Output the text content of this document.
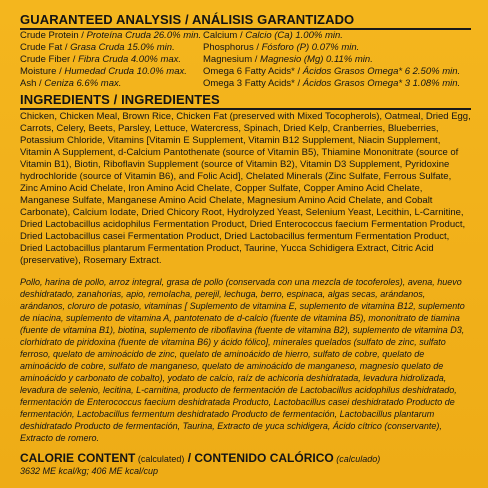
GUARANTEED ANALYSIS / ANÁLISIS GARANTIZADO
Crude Protein / Proteína Cruda 26.0% min.
Crude Fat / Grasa Cruda 15.0% min.
Crude Fiber / Fibra Cruda 4.00% max.
Moisture / Humedad Cruda 10.0% max.
Ash / Ceniza 6.6% max.
Calcium / Calcio (Ca) 1.00% min.
Phosphorus / Fósforo (P) 0.07% min.
Magnesium / Magnesio (Mg) 0.11% min.
Omega 6 Fatty Acids* / Ácidos Grasos Omega* 6 2.50% min.
Omega 3 Fatty Acids* / Ácidos Grasos Omega* 3 1.08% min.
INGREDIENTS / INGREDIENTES
Chicken, Chicken Meal, Brown Rice, Chicken Fat (preserved with Mixed Tocopherols), Oatmeal, Dried Egg, Carrots, Celery, Beets, Parsley, Lettuce, Watercress, Spinach, Dried Kelp, Cranberries, Blueberries, Potassium Chloride, Vitamins [Vitamin E Supplement, Vitamin B12 Supplement, Niacin Supplement, Vitamin A Supplement, d-Calcium Pantothenate (source of Vitamin B5), Thiamine Mononitrate (source of Vitamin B1), Biotin, Riboflavin Supplement (source of Vitamin B2), Vitamin D3 Supplement, Pyridoxine hydrochloride (source of Vitamin B6), and Folic Acid], Chelated Minerals (Zinc Sulfate, Ferrous Sulfate, Zinc Amino Acid Chelate, Iron Amino Acid Chelate, Copper Sulfate, Copper Amino Acid Chelate, Manganese Sulfate, Manganese Amino Acid Chelate, Magnesium Amino Acid Chelate, and Cobalt Carbonate), Calcium Iodate, Dried Chicory Root, Hydrolyzed Yeast, Selenium Yeast, Lecithin, L-Carnitine, Dried Lactobacillus acidophilus Fermentation Product, Dried Enterococcus faecium Fermentation Product, Dried Lactobacillus casei Fermentation Product, Dried Lactobacillus fermentum Fermentation Product, Dried Lactobacillus plantarum Fermentation Product, Taurine, Yucca Schidigera Extract, Citric Acid (preservative), Rosemary Extract.
Pollo, harina de pollo, arroz integral, grasa de pollo (conservada con una mezcla de tocoferoles), avena, huevo deshidratado, zanahorias, apio, remolacha, perejil, lechuga, berro, espinaca, algas secas, arándanos, arándanos, cloruro de potasio, vitaminas [ Suplemento de vitamina E, suplemento de vitamina B12, suplemento de niacina, suplemento de vitamina A, pantotenato de d-calcio (fuente de vitamina B5), mononitrato de tiamina (fuente de vitamina B1), biotina, suplemento de riboflavina (fuente de vitamina B2), suplemento de vitamina D3, clorhidrato de piridoxina (fuente de vitamina B6) y ácido fólico], minerales quelados (sulfato de zinc, sulfato ferroso, quelato de aminoácido de zinc, quelato de aminoácido de hierro, sulfato de cobre, quelato de aminoácido de cobre, sulfato de manganeso, quelato de aminoácido de manganeso, magnesio quelato de aminoácido y carbonato de cobalto), yodato de calcio, raíz de achicoria deshidratada, levadura hidrolizada, levadura de selenio, lecitina, L-carnitina, producto de fermentación de Lactobacillus acidophilus deshidratado, fermentación de Enterococcus faecium deshidratada Producto, Lactobacillus casei deshidratado Producto de fermentación, Lactobacillus fermentum deshidratado Producto de fermentación, Lactobacillus plantarum deshidratado Producto de fermentación, Taurina, Extracto de yuca schidigera, Ácido cítrico (conservante), Extracto de romero.
CALORIE CONTENT (calculated) / CONTENIDO CALÓRICO (calculado)
3632 ME kcal/kg; 406 ME kcal/cup
